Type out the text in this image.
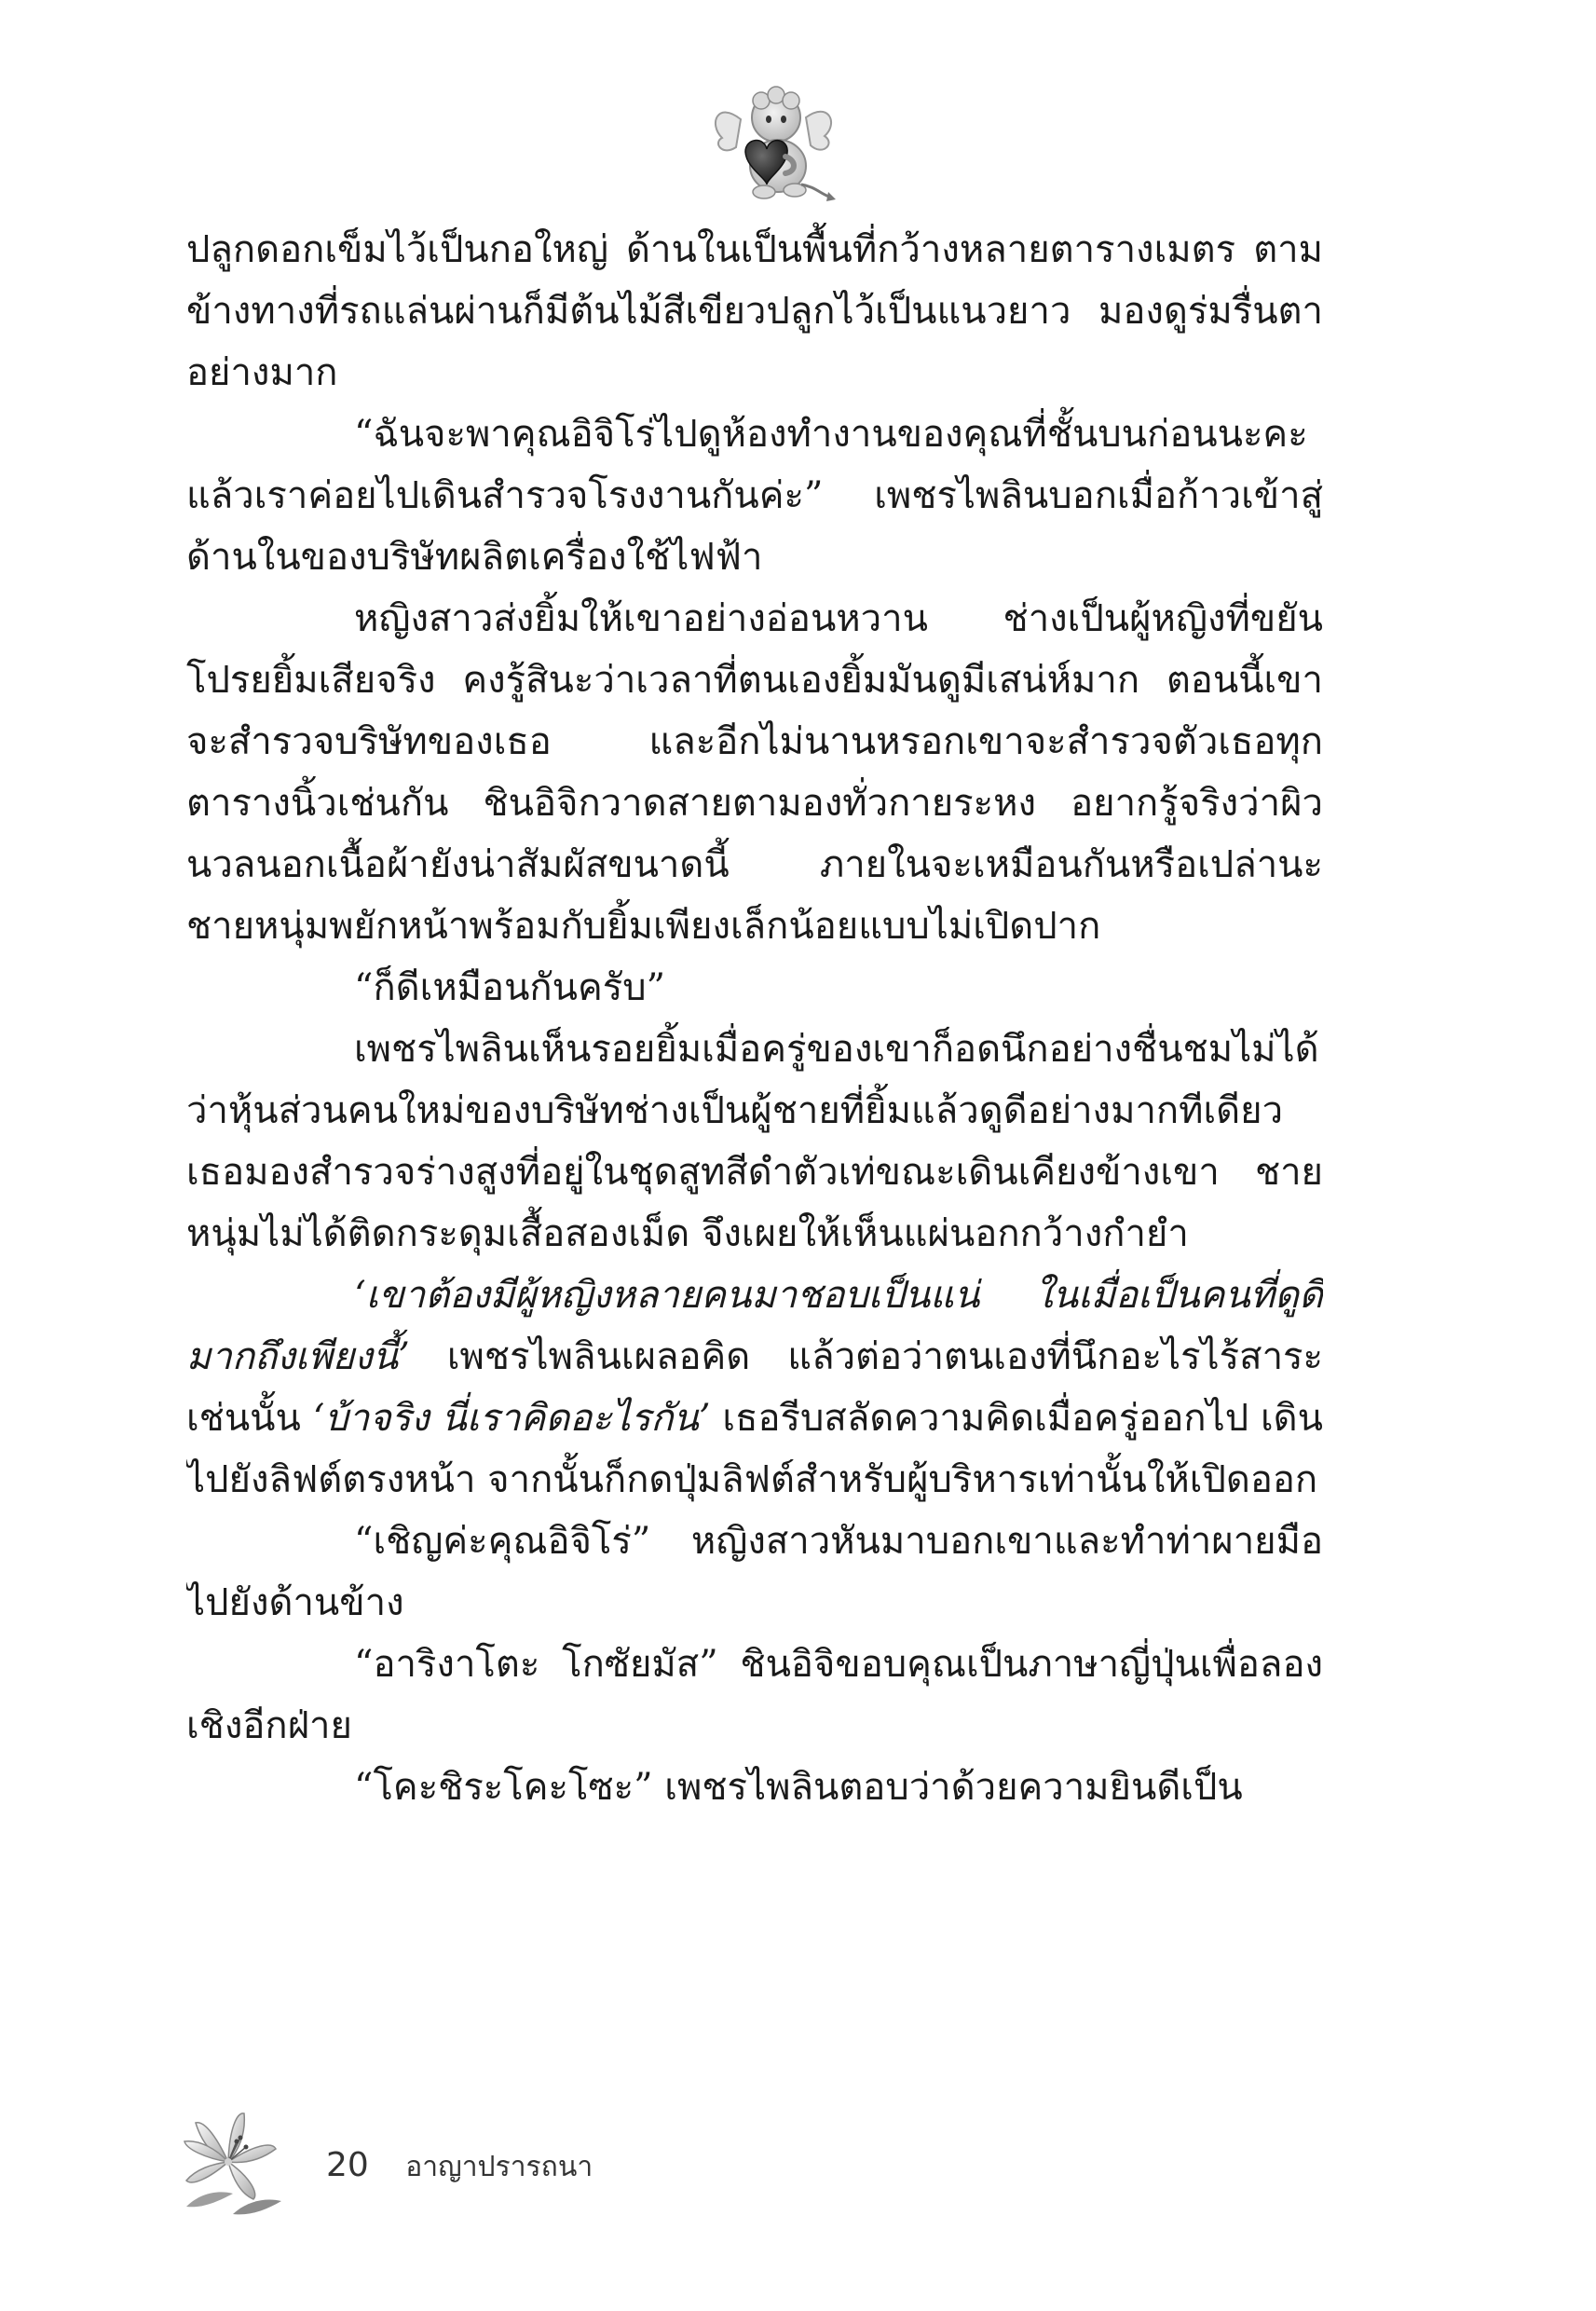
ปลูกดอกเข็มไว้เป็นกอใหญ่ ด้านในเป็นพื้นที่กว้างหลายตารางเมตร ตามข้างทางที่รถแล่นผ่านก็มีต้นไม้สีเขียวปลูกไว้เป็นแนวยาว มองดูร่มรื่นตาอย่างมาก

“ฉันจะพาคุณอิจิโร่ไปดูห้องทำงานของคุณที่ชั้นบนก่อนนะคะ แล้วเราค่อยไปเดินสำรวจโรงงานกันค่ะ” เพชรไพลินบอกเมื่อก้าวเข้าสู่ด้านในของบริษัทผลิตเครื่องใช้ไฟฟ้า

หญิงสาวส่งยิ้มให้เขาอย่างอ่อนหวาน ช่างเป็นผู้หญิงที่ขยันโปรยยิ้มเสียจริง คงรู้สินะว่าเวลาที่ตนเองยิ้มมันดูมีเสน่ห์มาก ตอนนี้เขาจะสำรวจบริษัทของเธอ และอีกไม่นานหรอกเขาจะสำรวจตัวเธอทุกตารางนิ้วเช่นกัน ชินอิจิกวาดสายตามองทั่วกายระหง อยากรู้จริงว่าผิวนวลนอกเนื้อผ้ายังน่าสัมผัสขนาดนี้ ภายในจะเหมือนกันหรือเปล่านะ ชายหนุ่มพยักหน้าพร้อมกับยิ้มเพียงเล็กน้อยแบบไม่เปิดปาก

“ก็ดีเหมือนกันครับ”

เพชรไพลินเห็นรอยยิ้มเมื่อครู่ของเขาก็อดนึกอย่างชื่นชมไม่ได้ว่าหุ้นส่วนคนใหม่ของบริษัทช่างเป็นผู้ชายที่ยิ้มแล้วดูดีอย่างมากทีเดียว เธอมองสำรวจร่างสูงที่อยู่ในชุดสูทสีดำตัวเท่ขณะเดินเคียงข้างเขา ชายหนุ่มไม่ได้ติดกระดุมเสื้อสองเม็ด จึงเผยให้เห็นแผ่นอกกว้างกำยำ

‘เขาต้องมีผู้หญิงหลายคนมาชอบเป็นแน่ ในเมื่อเป็นคนที่ดูดีมากถึงเพียงนี้’ เพชรไพลินเผลอคิด แล้วต่อว่าตนเองที่นึกอะไรไร้สาระเช่นนั้น ‘บ้าจริง นี่เราคิดอะไรกัน’ เธอรีบสลัดความคิดเมื่อครู่ออกไป เดินไปยังลิฟต์ตรงหน้า จากนั้นก็กดปุ่มลิฟต์สำหรับผู้บริหารเท่านั้นให้เปิดออก

“เชิญค่ะคุณอิจิโร่” หญิงสาวหันมาบอกเขาและทำท่าผายมือไปยังด้านข้าง

“อาริงาโตะ โกซัยมัส” ชินอิจิขอบคุณเป็นภาษาญี่ปุ่นเพื่อลองเชิงอีกฝ่าย

“โคะชิระโคะโซะ” เพชรไพลินตอบว่าด้วยความยินดีเป็น

20 อาญาปรารถนา
